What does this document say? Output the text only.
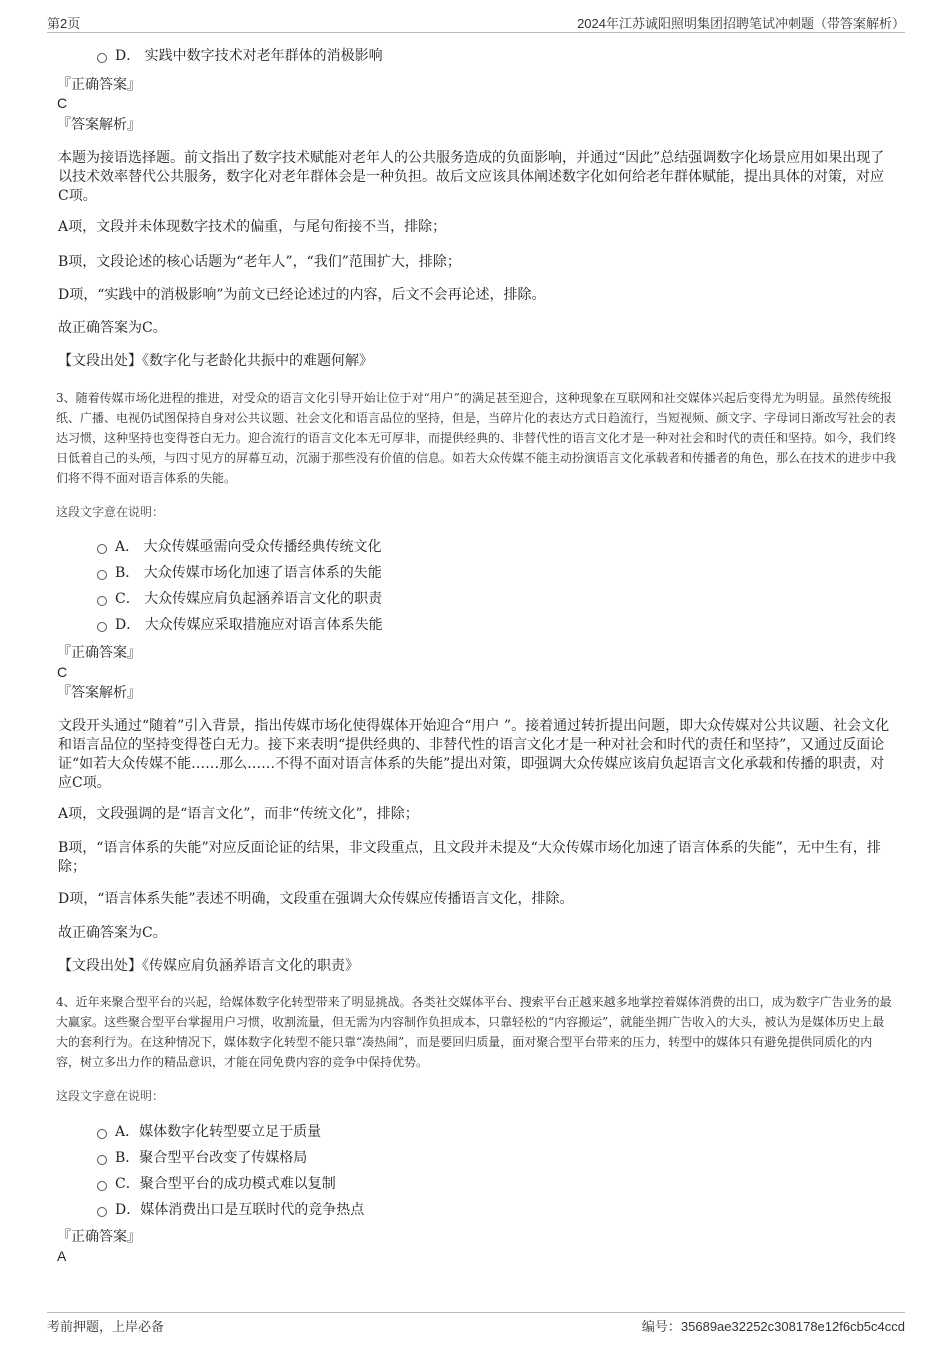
第2页	2024年江苏诚阳照明集团招聘笔试冲刺题（带答案解析）
D． 实践中数字技术对老年群体的消极影响
『正确答案』
C
『答案解析』
本题为接语选择题。前文指出了数字技术赋能对老年人的公共服务造成的负面影响，并通过“因此”总结强调数字化场景应用如果出现了以技术效率替代公共服务，数字化对老年群体会是一种负担。故后文应该具体阐述数字化如何给老年群体赋能，提出具体的对策，对应C项。
A项，文段并未体现数字技术的偏重，与尾句衔接不当，排除；
B项，文段论述的核心话题为“老年人”，“我们”范围扩大，排除；
D项，“实践中的消极影响”为前文已经论述过的内容，后文不会再论述，排除。
故正确答案为C。
【文段出处】《数字化与老龄化共振中的难题何解》
3、随着传媒市场化进程的推进，对受众的语言文化引导开始让位于对“用户”的满足甚至迎合，这种现象在互联网和社交媒体兴起后变得尤为明显。虽然传统报纸、广播、电视仍试图保持自身对公共议题、社会文化和语言品位的坚持，但是，当碎片化的表达方式日趋流行，当短视频、颜文字、字母词日渐改写社会的表达习惯，这种坚持也变得苍白无力。迎合流行的语言文化本无可厚非，而提供经典的、非替代性的语言文化才是一种对社会和时代的责任和坚持。如今，我们终日低着自己的头颅，与四寸见方的屏幕互动，沉溺于那些没有价值的信息。如若大众传媒不能主动扮演语言文化承载者和传播者的角色，那么在技术的进步中我们将不得不面对语言体系的失能。
这段文字意在说明：
A． 大众传媒亟需向受众传播经典传统文化
B． 大众传媒市场化加速了语言体系的失能
C． 大众传媒应肩负起涵养语言文化的职责
D． 大众传媒应采取措施应对语言体系失能
『正确答案』
C
『答案解析』
文段开头通过“随着”引入背景，指出传媒市场化使得媒体开始迎合“用户 ”。接着通过转折提出问题，即大众传媒对公共议题、社会文化和语言品位的坚持变得苍白无力。接下来表明“提供经典的、非替代性的语言文化才是一种对社会和时代的责任和坚持”，又通过反面论证“如若大众传媒不能……那么……不得不面对语言体系的失能”提出对策，即强调大众传媒应该肩负起语言文化承载和传播的职责，对应C项。
A项，文段强调的是“语言文化”，而非“传统文化”，排除；
B项，“语言体系的失能”对应反面论证的结果，非文段重点，且文段并未提及“大众传媒市场化加速了语言体系的失能”，无中生有，排除；
D项，“语言体系失能”表述不明确，文段重在强调大众传媒应传播语言文化，排除。
故正确答案为C。
【文段出处】《传媒应肩负涵养语言文化的职责》
4、近年来聚合型平台的兴起，给媒体数字化转型带来了明显挑战。各类社交媒体平台、搜索平台正越来越多地掌控着媒体消费的出口，成为数字广告业务的最大赢家。这些聚合型平台掌握用户习惯，收割流量，但无需为内容制作负担成本，只靠轻松的“内容搬运”，就能坐拥广告收入的大头，被认为是媒体历史上最大的套利行为。在这种情况下，媒体数字化转型不能只靠“凑热闹”，而是要回归质量，面对聚合型平台带来的压力，转型中的媒体只有避免提供同质化的内容，树立多出力作的精品意识，才能在同免费内容的竞争中保持优势。
这段文字意在说明：
A．媒体数字化转型要立足于质量
B．聚合型平台改变了传媒格局
C．聚合型平台的成功模式难以复制
D．媒体消费出口是互联时代的竞争热点
『正确答案』
A
考前押题，上岸必备	编号：35689ae32252c308178e12f6cb5c4ccd
